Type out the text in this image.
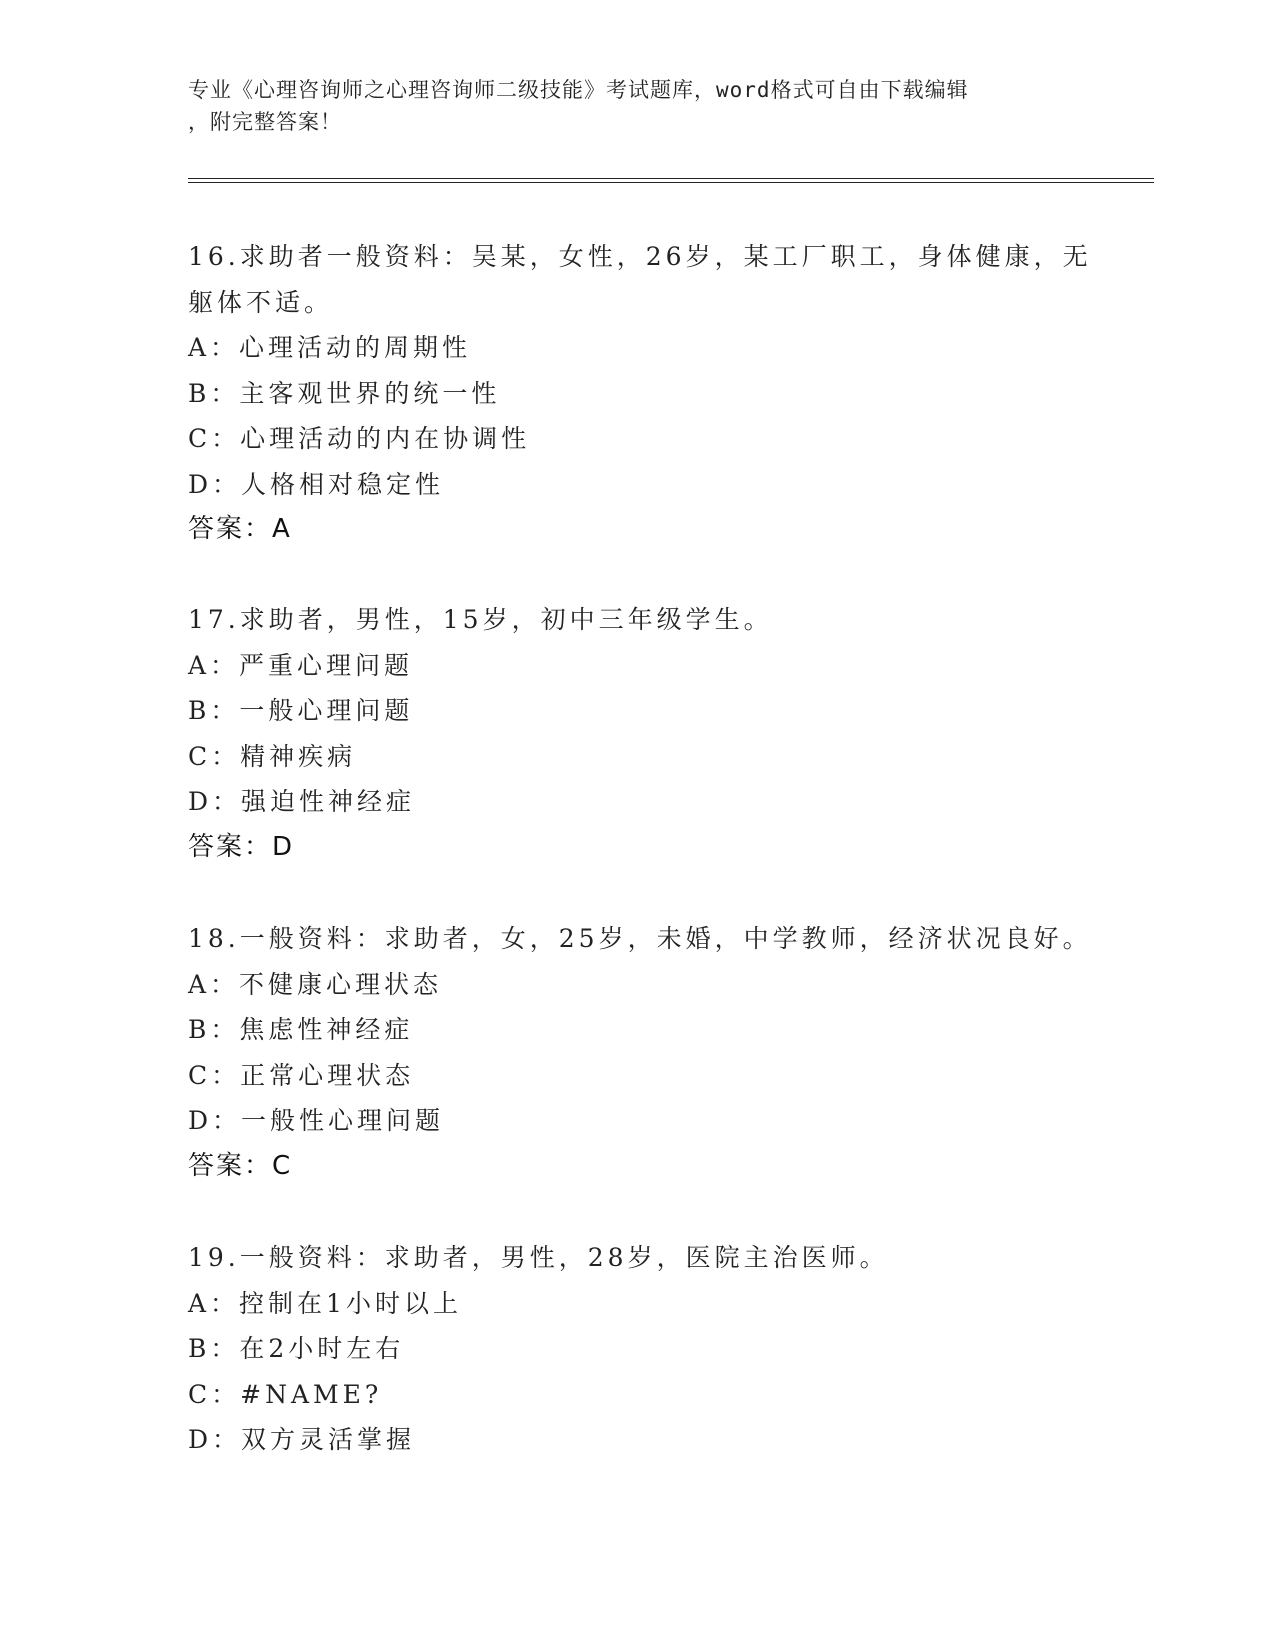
专业《心理咨询师之心理咨询师二级技能》考试题库，word格式可自由下载编辑
，附完整答案！
16.求助者一般资料：吴某，女性，26岁，某工厂职工，身体健康，无
躯体不适。
A：心理活动的周期性
B：主客观世界的统一性
C：心理活动的内在协调性
D：人格相对稳定性
答案：A
17.求助者，男性，15岁，初中三年级学生。
A：严重心理问题
B：一般心理问题
C：精神疾病
D：强迫性神经症
答案：D
18.一般资料：求助者，女，25岁，未婚，中学教师，经济状况良好。
A：不健康心理状态
B：焦虑性神经症
C：正常心理状态
D：一般性心理问题
答案：C
19.一般资料：求助者，男性，28岁，医院主治医师。
A：控制在1小时以上
B：在2小时左右
C：#NAME?
D：双方灵活掌握
